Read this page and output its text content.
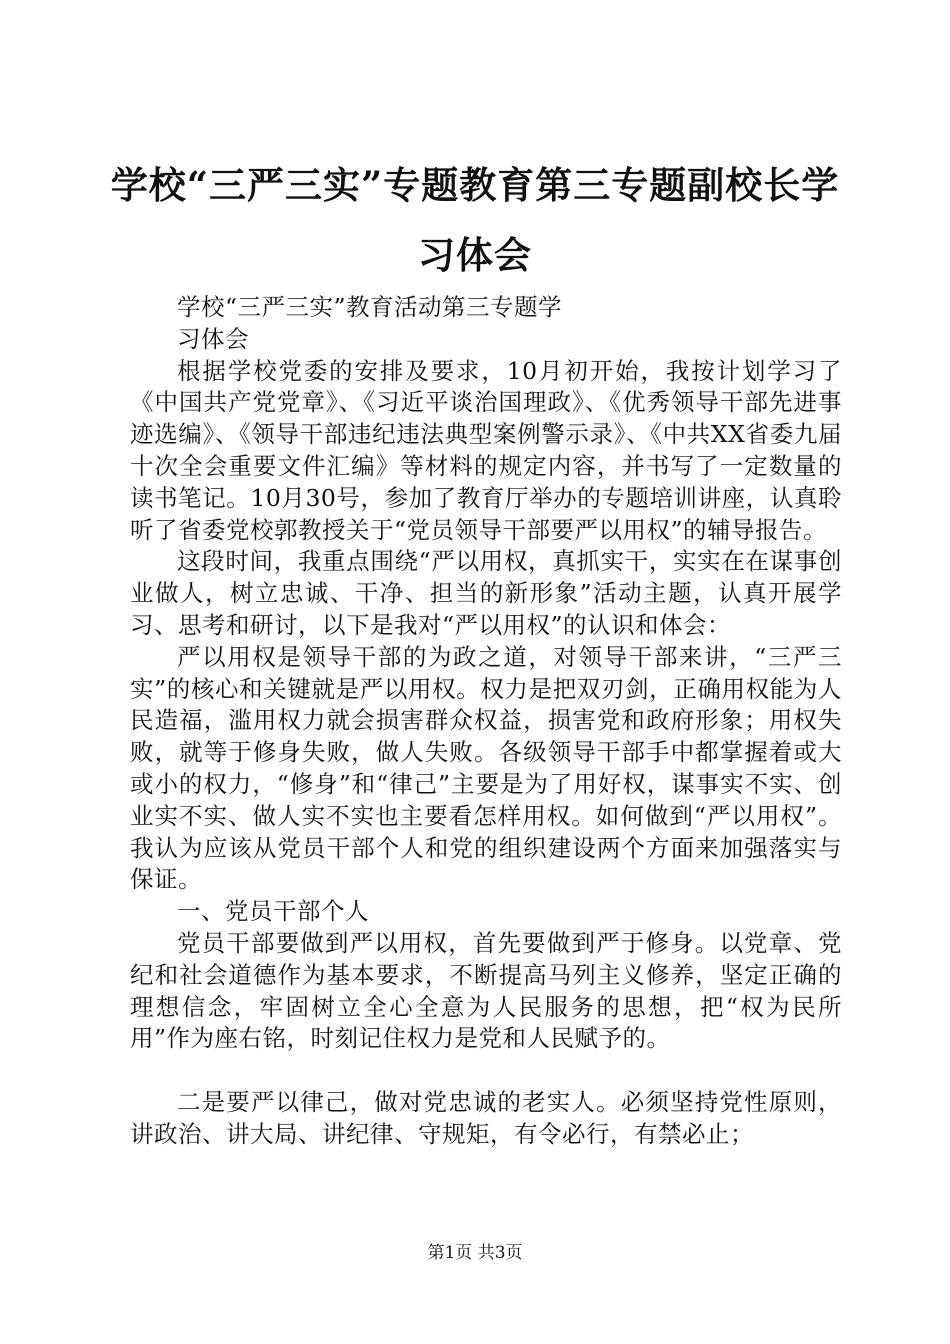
学校“三严三实”专题教育第三专题副校长学习体会

学校“三严三实”教育活动第三专题学

习体会

根据学校党委的安排及要求，10月初开始，我按计划学习了《中国共产党党章》、《习近平谈治国理政》、《优秀领导干部先进事迹选编》、《领导干部违纪违法典型案例警示录》、《中共XX省委九届十次全会重要文件汇编》等材料的规定内容，并书写了一定数量的读书笔记。10月30号，参加了教育厅举办的专题培训讲座，认真聆听了省委党校郭教授关于“党员领导干部要严以用权”的辅导报告。

这段时间，我重点围绕“严以用权，真抓实干，实实在在谋事创业做人，树立忠诚、干净、担当的新形象”活动主题，认真开展学习、思考和研讨，以下是我对“严以用权”的认识和体会：

严以用权是领导干部的为政之道，对领导干部来讲，“三严三实”的核心和关键就是严以用权。权力是把双刃剑，正确用权能为人民造福，滥用权力就会损害群众权益，损害党和政府形象；用权失败，就等于修身失败，做人失败。各级领导干部手中都掌握着或大或小的权力，“修身”和“律己”主要是为了用好权，谋事实不实、创业实不实、做人实不实也主要看怎样用权。如何做到“严以用权”。我认为应该从党员干部个人和党的组织建设两个方面来加强落实与保证。

一、党员干部个人

党员干部要做到严以用权，首先要做到严于修身。以党章、党纪和社会道德作为基本要求，不断提高马列主义修养，坚定正确的理想信念，牢固树立全心全意为人民服务的思想，把“权为民所用”作为座右铭，时刻记住权力是党和人民赋予的。

二是要严以律己，做对党忠诚的老实人。必须坚持党性原则，讲政治、讲大局、讲纪律、守规矩，有令必行，有禁必止；

第1页 共3页
